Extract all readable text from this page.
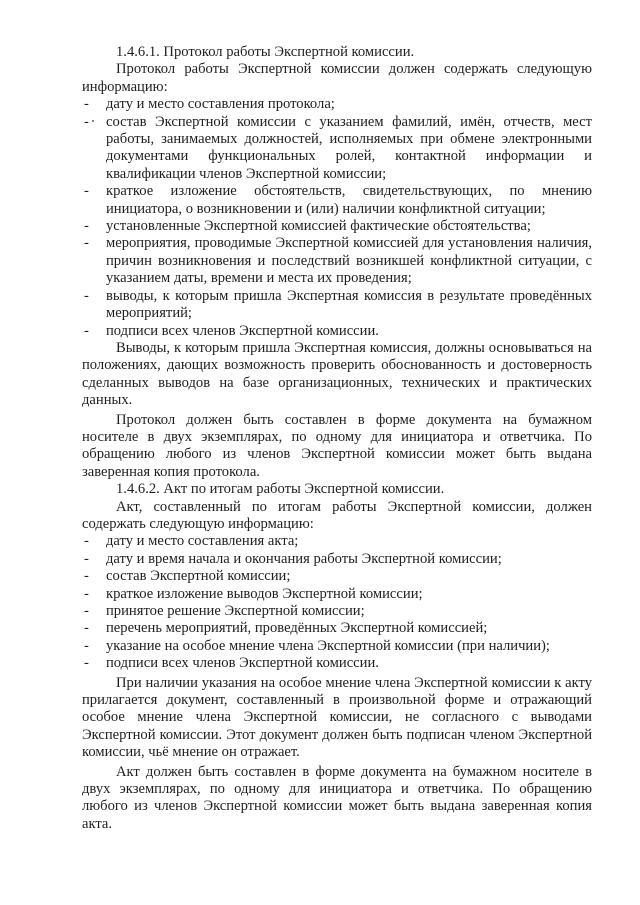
1.4.6.1. Протокол работы Экспертной комиссии.

Протокол работы Экспертной комиссии должен содержать следующую информацию:

- дату и место составления протокола;

- состав Экспертной комиссии с указанием фамилий, имён, отчеств, мест работы, занимаемых должностей, исполняемых при обмене электронными документами функциональных ролей, контактной информации и квалификации членов Экспертной комиссии;

- краткое изложение обстоятельств, свидетельствующих, по мнению инициатора, о возникновении и (или) наличии конфликтной ситуации;

- установленные Экспертной комиссией фактические обстоятельства;

- мероприятия, проводимые Экспертной комиссией для установления наличия, причин возникновения и последствий возникшей конфликтной ситуации, с указанием даты, времени и места их проведения;

- выводы, к которым пришла Экспертная комиссия в результате проведённых мероприятий;

- подписи всех членов Экспертной комиссии.

Выводы, к которым пришла Экспертная комиссия, должны основываться на положениях, дающих возможность проверить обоснованность и достоверность сделанных выводов на базе организационных, технических и практических данных.

Протокол должен быть составлен в форме документа на бумажном носителе в двух экземплярах, по одному для инициатора и ответчика. По обращению любого из членов Экспертной комиссии может быть выдана заверенная копия протокола.

1.4.6.2. Акт по итогам работы Экспертной комиссии.

Акт, составленный по итогам работы Экспертной комиссии, должен содержать следующую информацию:

- дату и место составления акта;

- дату и время начала и окончания работы Экспертной комиссии;

- состав Экспертной комиссии;

- краткое изложение выводов Экспертной комиссии;

- принятое решение Экспертной комиссии;

- перечень мероприятий, проведённых Экспертной комиссией;

- указание на особое мнение члена Экспертной комиссии (при наличии);

- подписи всех членов Экспертной комиссии.

При наличии указания на особое мнение члена Экспертной комиссии к акту прилагается документ, составленный в произвольной форме и отражающий особое мнение члена Экспертной комиссии, не согласного с выводами Экспертной комиссии. Этот документ должен быть подписан членом Экспертной комиссии, чьё мнение он отражает.

Акт должен быть составлен в форме документа на бумажном носителе в двух экземплярах, по одному для инициатора и ответчика. По обращению любого из членов Экспертной комиссии может быть выдана заверенная копия акта.
